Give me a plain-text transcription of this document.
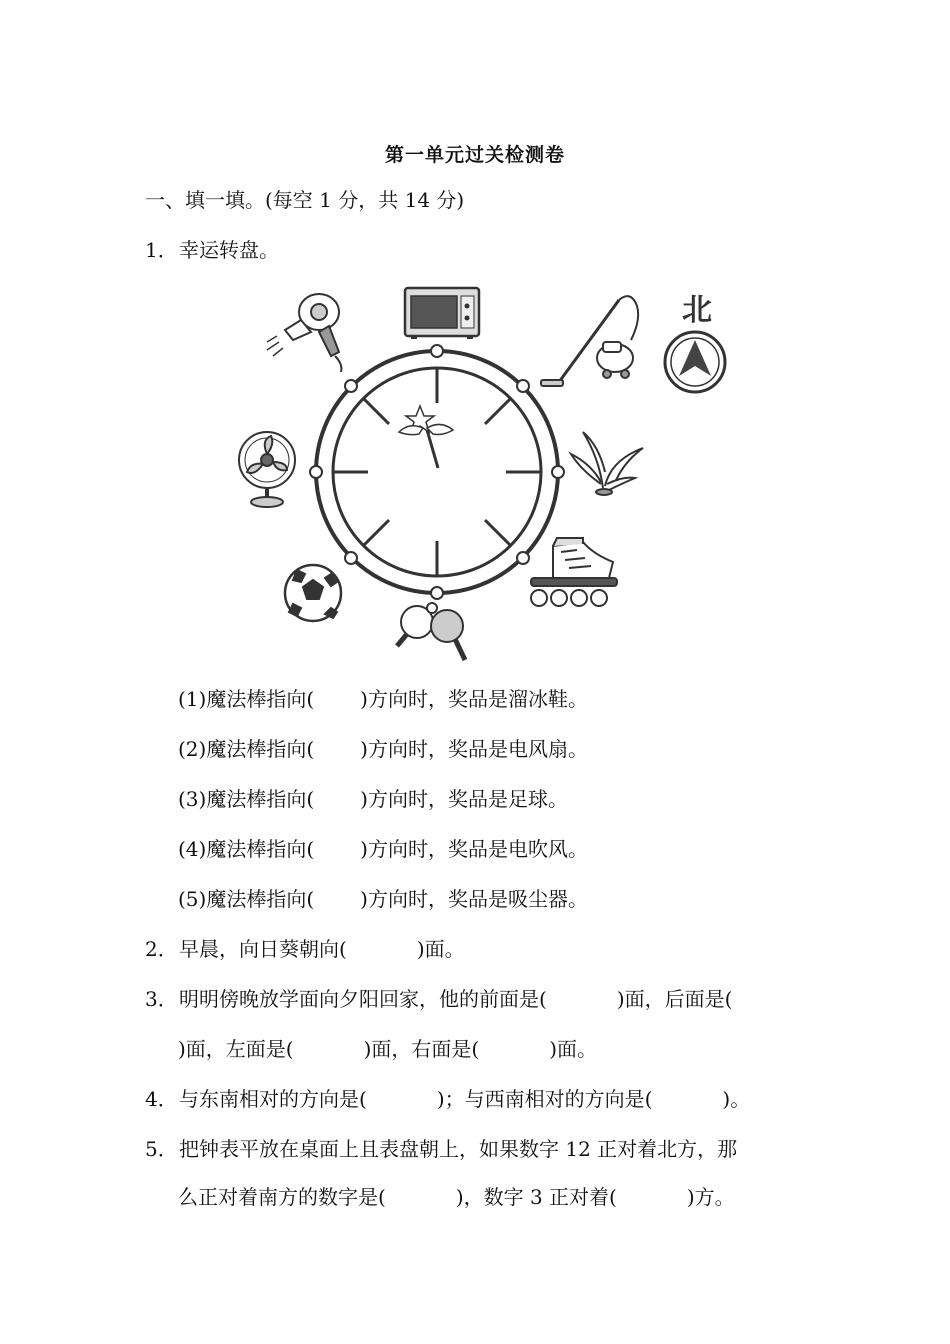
第一单元过关检测卷
一、填一填。(每空 1 分，共 14 分)
1．幸运转盘。
北
(1)魔法棒指向( )方向时，奖品是溜冰鞋。
(2)魔法棒指向( )方向时，奖品是电风扇。
(3)魔法棒指向( )方向时，奖品是足球。
(4)魔法棒指向( )方向时，奖品是电吹风。
(5)魔法棒指向( )方向时，奖品是吸尘器。
2．早晨，向日葵朝向(	)面。
3．明明傍晚放学面向夕阳回家，他的前面是(	)面，后面是(
)面，左面是(	)面，右面是(	)面。
4．与东南相对的方向是(	)；与西南相对的方向是(	)。
5．把钟表平放在桌面上且表盘朝上，如果数字 12 正对着北方，那
么正对着南方的数字是(	)，数字 3 正对着(	)方。
